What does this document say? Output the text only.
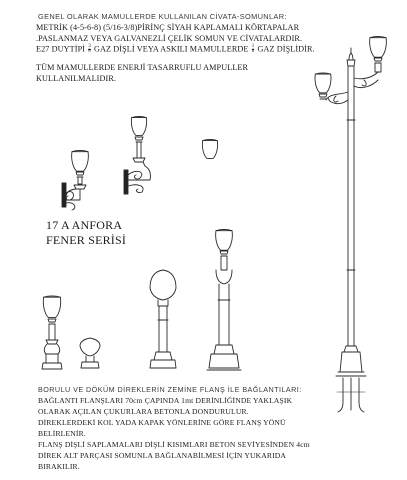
GENEL OLARAK MAMULLERDE KULLANILAN CİVATA-SOMUNLAR:
METRİK (4-5-6-8) (5/16-3/8)PİRİNÇ SİYAH KAPLAMALI KÖRTAPALAR
.PASLANMAZ VEYA GALVANEZLİ ÇELİK SOMUN VE CİVATALARDIR.
E27 DUYTİPİ $\frac{3}{8}$ GAZ DİŞLİ VEYA ASKILI MAMULLERDE $\frac{1}{8}$ GAZ DİŞLİDİR.
TÜM MAMULLERDE ENERJİ TASARRUFLU AMPULLER
KULLANILMALIDIR.
17 A ANFORA
FENER SERİSİ
BORULU VE DÖKÜM DİREKLERİN ZEMİNE FLANŞ İLE BAĞLANTILARI:
BAĞLANTI FLANŞLARI 70cm ÇAPINDA 1mt DERİNLİĞİNDE YAKLAŞIK
OLARAK AÇILAN ÇUKURLARA BETONLA DONDURULUR.
DİREKLERDEKİ KOL YADA KAPAK YÖNLERİNE GÖRE FLANŞ YÖNÜ
BELİRLENİR.
FLANŞ DİŞLİ SAPLAMALARI DİŞLİ KISIMLARI BETON SEVİYESİNDEN 4cm
DİREK ALT PARÇASI SOMUNLA BAĞLANABİLMESİ İÇİN YUKARIDA
BIRAKILIR.
